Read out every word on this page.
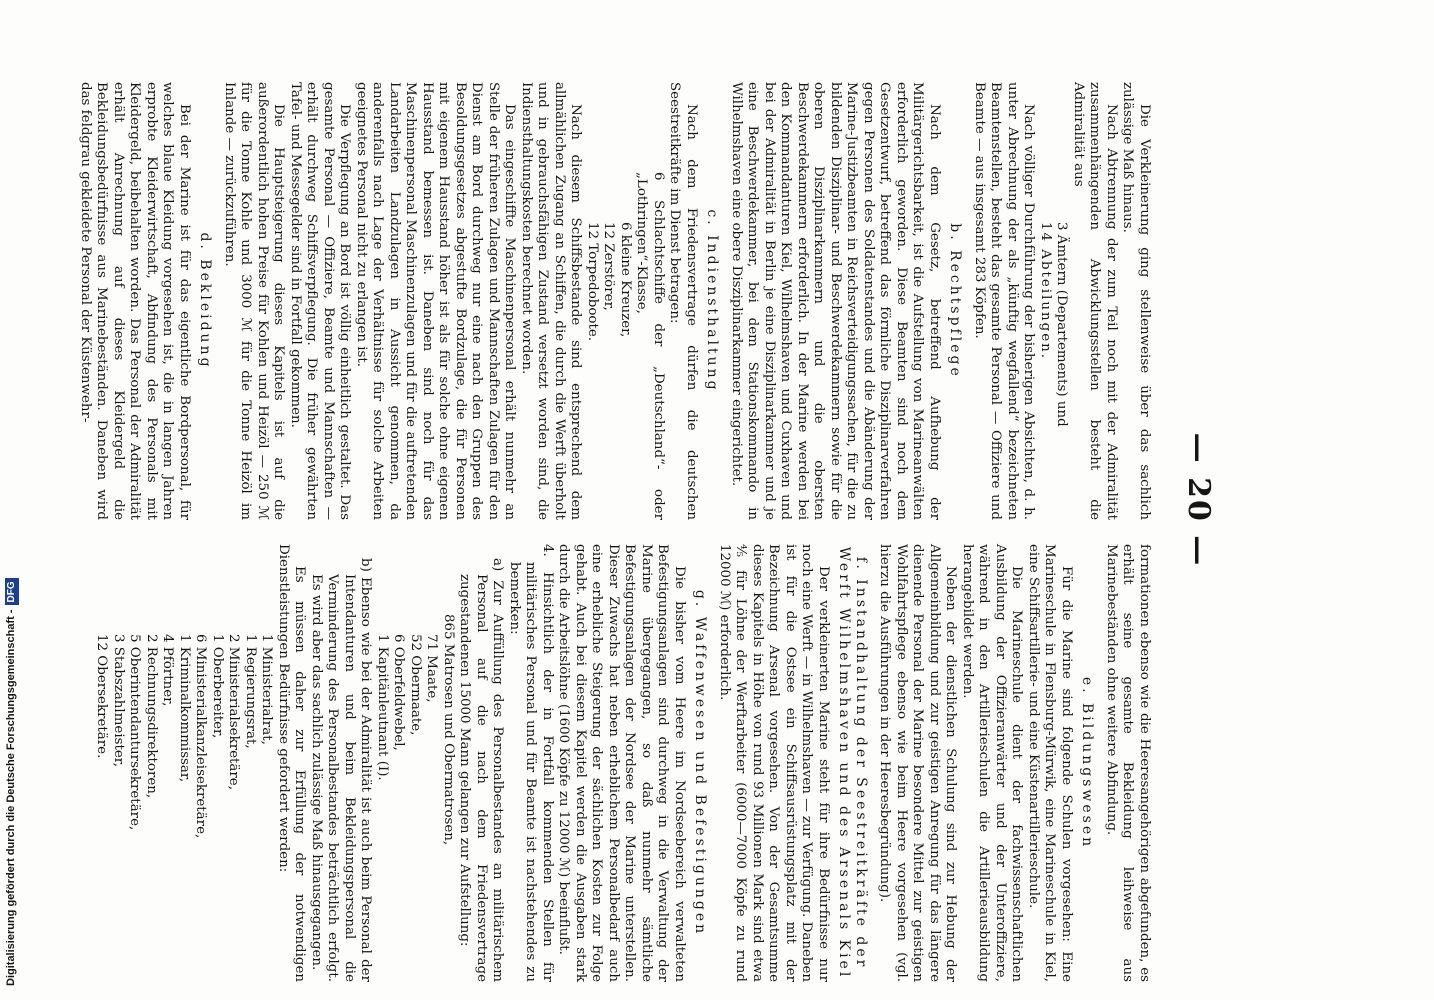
— 20 —

Die Verkleinerung ging stellenweise über das sachlich zulässige Maß hinaus.

Nach Abtrennung der zum Teil noch mit der Admiralität zusammenhängenden Abwicklungsstellen besteht die Admiralität aus

3 Ämtern (Departements) und

14 Abteilungen.

Nach völliger Durchführung der bisherigen Absichten, d. h. unter Abrechnung der als „künftig wegfallend“ bezeichneten Beamtenstellen, besteht das gesamte Personal — Offiziere und Beamte — aus insgesamt 283 Köpfen.

b. Rechtspflege

Nach dem Gesetz, betreffend Aufhebung der Militärgerichtsbarkeit, ist die Aufstellung von Marineanwälten erforderlich geworden. Diese Beamten sind noch dem Gesetzentwurf, betreffend das förmliche Disziplinarverfahren gegen Personen des Soldatenstandes und die Abänderung der Marine-Justizbeamten in Reichsverteidigungssachen, für die zu bildenden Disziplinar- und Beschwerdekammern sowie für die oberen Disziplinarkammern und die obersten Beschwerdekammern erforderlich. In der Marine werden bei den Kommandanturen Kiel, Wilhelmshaven und Cuxhaven und bei der Admiralität in Berlin je eine Disziplinarkammer und je eine Beschwerdekammer, bei dem Stationskommando in Wilhelmshaven eine obere Disziplinarkammer eingerichtet.

c. Indiensthaltung

Nach dem Friedensvertrage dürfen die deutschen Seestreitkräfte im Dienst betragen:

6 Schlachtschiffe der „Deutschland“- oder „Lothringen“-Klasse,

6 kleine Kreuzer,

12 Zerstörer,

12 Torpedoboote.

Nach diesem Schiffsbestande sind entsprechend dem allmählichen Zugang an Schiffen, die durch die Werft überholt und in gebrauchsfähigen Zustand versetzt worden sind, die Indiensthaltungskosten berechnet worden.

Das eingeschiffte Maschinenpersonal erhält nunmehr an Stelle der früheren Zulagen und Mannschaften Zulagen für den Dienst am Bord durchweg nur eine nach den Gruppen des Besoldungsgesetzes abgestufte Bordzulage, die für Personen mit eigenem Hausstand höher ist als für solche ohne eigenen Hausstand bemessen ist. Daneben sind noch für das Maschinenpersonal Maschinenzulagen und für die auftretenden Landarbeiten Landzulagen in Aussicht genommen, da anderenfalls nach Lage der Verhältnisse für solche Arbeiten geeignetes Personal nicht zu erlangen ist.

Die Verpflegung an Bord ist völlig einheitlich gestaltet. Das gesamte Personal — Offiziere, Beamte und Mannschaften — erhält durchweg Schiffsverpflegung. Die früher gewährten Tafel- und Messegelder sind in Fortfall gekommen.

Die Hauptsteigerung dieses Kapitels ist auf die außerordentlich hohen Preise für Kohlen und Heizöl — 250 ℳ für die Tonne Kohle und 3000 ℳ für die Tonne Heizöl im Inlande — zurückzuführen.

d. Bekleidung

Bei der Marine ist für das eigentliche Bordpersonal, für welches blaue Kleidung vorgesehen ist, die in langen Jahren erprobte Kleiderwirtschaft, Abfindung des Personals mit Kleidergeld, beibehalten worden. Das Personal der Admiralität erhält Anrechnung auf dieses Kleidergeld die Bekleidungsbedürfnisse aus Marinebeständen. Daneben wird das feldgrau gekleidete Personal der Küstenwehr-

formationen ebenso wie die Heeresangehörigen abgefunden, es erhält seine gesamte Bekleidung leihweise aus Marinebeständen ohne weitere Abfindung.

e. Bildungswesen

Für die Marine sind folgende Schulen vorgesehen: Eine Marineschule in Flensburg-Mürwik, eine Marineschule in Kiel, eine Schiffsartillerie- und eine Küstenartillerieschule.

Die Marineschule dient der fachwissenschaftlichen Ausbildung der Offizieranwärter und der Unteroffiziere, während in den Artillerieschulen die Artillerieausbildung herangebildet werden.

Neben der dienstlichen Schulung sind zur Hebung der Allgemeinbildung und zur geistigen Anregung für das längere dienende Personal der Marine besondere Mittel zur geistigen Wohlfahrtspflege ebenso wie beim Heere vorgesehen (vgl. hierzu die Ausführungen in der Heeresbegründung).

f. Instandhaltung der Seestreitkräfte der Werft Wilhelmshaven und des Arsenals Kiel

Der verkleinerten Marine steht für ihre Bedürfnisse nur noch eine Werft — in Wilhelmshaven — zur Verfügung. Daneben ist für die Ostsee ein Schiffsausrüstungsplatz mit der Bezeichnung Arsenal vorgesehen. Von der Gesamtsumme dieses Kapitels in Höhe von rund 93 Millionen Mark sind etwa ⅘ für Löhne der Werftarbeiter (6000—7000 Köpfe zu rund 12000 ℳ) erforderlich.

g. Waffenwesen und Befestigungen

Die bisher vom Heere im Nordseebereich verwalteten Befestigungsanlagen sind durchweg in die Verwaltung der Marine übergegangen, so daß nunmehr sämtliche Befestigungsanlagen der Nordsee der Marine unterstellen. Dieser Zuwachs hat neben erheblichem Personalbedarf auch eine erhebliche Steigerung der sächlichen Kosten zur Folge gehabt. Auch bei diesem Kapitel werden die Ausgaben stark durch die Arbeitslöhne (1600 Köpfe zu 12000 ℳ) beeinflußt.

4. Hinsichtlich der in Fortfall kommenden Stellen für militärisches Personal und für Beamte ist nachstehendes zu bemerken:

a) Zur Auffüllung des Personalbestandes an militärischem Personal auf die nach dem Friedensvertrage zugestandenen 15000 Mann gelangen zur Aufstellung:

865 Matrosen und Obermatrosen,

71 Maate,

52 Obermaate,

6 Oberfeldwebel,

1 Kapitänleutnant (I).

b) Ebenso wie bei der Admiralität ist auch beim Personal der Intendanturen und beim Bekleidungspersonal die Verminderung des Personalbestandes beträchtlich erfolgt. Es wird aber das sachlich zulässige Maß hinausgegangen.

Es müssen daher zur Erfüllung der notwendigen Dienstleistungen Bedürfnisse gefordert werden:

1 Ministerialrat,

1 Regierungsrat,

2 Ministerialsekretäre,

1 Oberbereiter,

6 Ministerialkanzleisekretäre,

1 Kriminalkommissar,

4 Pförtner,

2 Rechnungsdirektoren,

5 Oberintendantursekretäre,

3 Stabszahlmeister,

12 Obersekretäre.

Digitalisierung gefördert durch die Deutsche Forschungsgemeinschaft -DFG
